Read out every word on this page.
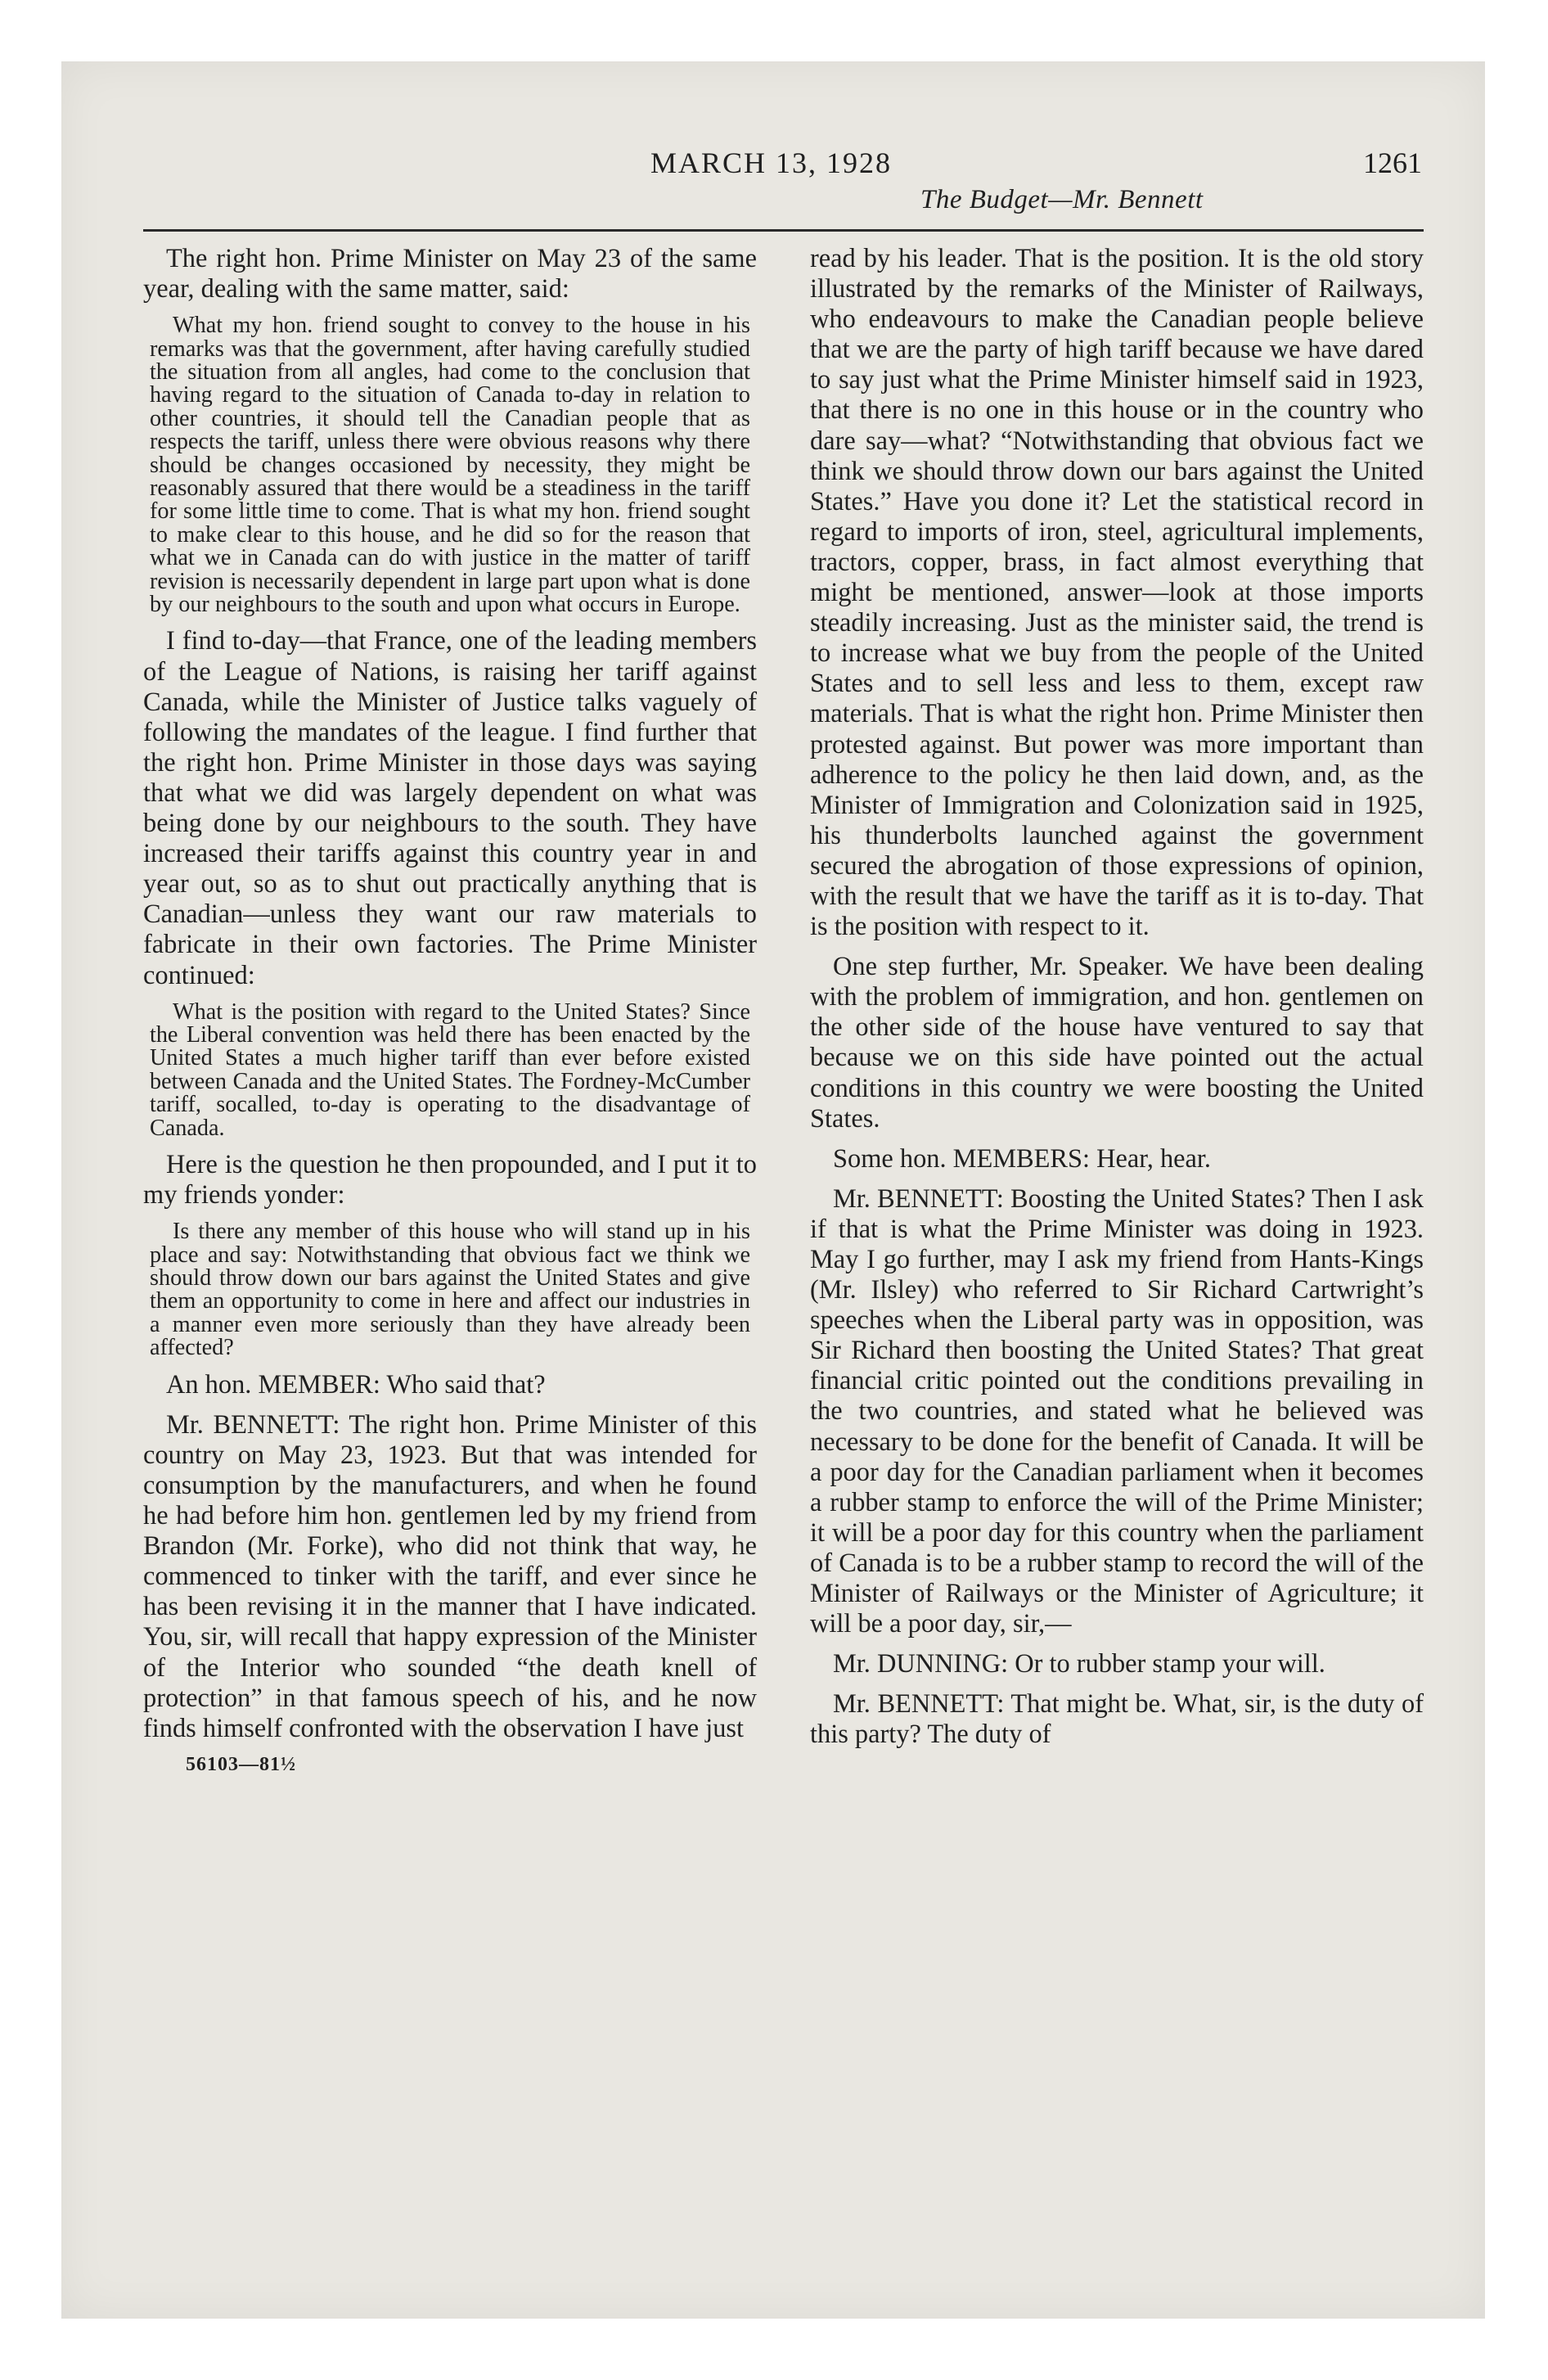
MARCH 13, 1928	1261
The Budget—Mr. Bennett

The right hon. Prime Minister on May 23 of the same year, dealing with the same matter, said:

What my hon. friend sought to convey to the house in his remarks was that the government, after having carefully studied the situation from all angles, had come to the conclusion that having regard to the situation of Canada to-day in relation to other countries, it should tell the Canadian people that as respects the tariff, unless there were obvious reasons why there should be changes occasioned by necessity, they might be reasonably assured that there would be a steadiness in the tariff for some little time to come. That is what my hon. friend sought to make clear to this house, and he did so for the reason that what we in Canada can do with justice in the matter of tariff revision is necessarily dependent in large part upon what is done by our neighbours to the south and upon what occurs in Europe.

I find to-day—that France, one of the leading members of the League of Nations, is raising her tariff against Canada, while the Minister of Justice talks vaguely of following the mandates of the league. I find further that the right hon. Prime Minister in those days was saying that what we did was largely dependent on what was being done by our neighbours to the south. They have increased their tariffs against this country year in and year out, so as to shut out practically anything that is Canadian—unless they want our raw materials to fabricate in their own factories. The Prime Minister continued:

What is the position with regard to the United States? Since the Liberal convention was held there has been enacted by the United States a much higher tariff than ever before existed between Canada and the United States. The Fordney-McCumber tariff, socalled, to-day is operating to the disadvantage of Canada.

Here is the question he then propounded, and I put it to my friends yonder:

Is there any member of this house who will stand up in his place and say: Notwithstanding that obvious fact we think we should throw down our bars against the United States and give them an opportunity to come in here and affect our industries in a manner even more seriously than they have already been affected?

An hon. MEMBER: Who said that?

Mr. BENNETT: The right hon. Prime Minister of this country on May 23, 1923. But that was intended for consumption by the manufacturers, and when he found he had before him hon. gentlemen led by my friend from Brandon (Mr. Forke), who did not think that way, he commenced to tinker with the tariff, and ever since he has been revising it in the manner that I have indicated. You, sir, will recall that happy expression of the Minister of the Interior who sounded “the death knell of protection” in that famous speech of his, and he now finds himself confronted with the observation I have just

56103—81½

read by his leader. That is the position. It is the old story illustrated by the remarks of the Minister of Railways, who endeavours to make the Canadian people believe that we are the party of high tariff because we have dared to say just what the Prime Minister himself said in 1923, that there is no one in this house or in the country who dare say—what? “Notwithstanding that obvious fact we think we should throw down our bars against the United States.” Have you done it? Let the statistical record in regard to imports of iron, steel, agricultural implements, tractors, copper, brass, in fact almost everything that might be mentioned, answer—look at those imports steadily increasing. Just as the minister said, the trend is to increase what we buy from the people of the United States and to sell less and less to them, except raw materials. That is what the right hon. Prime Minister then protested against. But power was more important than adherence to the policy he then laid down, and, as the Minister of Immigration and Colonization said in 1925, his thunderbolts launched against the government secured the abrogation of those expressions of opinion, with the result that we have the tariff as it is to-day. That is the position with respect to it.

One step further, Mr. Speaker. We have been dealing with the problem of immigration, and hon. gentlemen on the other side of the house have ventured to say that because we on this side have pointed out the actual conditions in this country we were boosting the United States.

Some hon. MEMBERS: Hear, hear.

Mr. BENNETT: Boosting the United States? Then I ask if that is what the Prime Minister was doing in 1923. May I go further, may I ask my friend from Hants-Kings (Mr. Ilsley) who referred to Sir Richard Cartwright’s speeches when the Liberal party was in opposition, was Sir Richard then boosting the United States? That great financial critic pointed out the conditions prevailing in the two countries, and stated what he believed was necessary to be done for the benefit of Canada. It will be a poor day for the Canadian parliament when it becomes a rubber stamp to enforce the will of the Prime Minister; it will be a poor day for this country when the parliament of Canada is to be a rubber stamp to record the will of the Minister of Railways or the Minister of Agriculture; it will be a poor day, sir,—

Mr. DUNNING: Or to rubber stamp your will.

Mr. BENNETT: That might be. What, sir, is the duty of this party? The duty of
